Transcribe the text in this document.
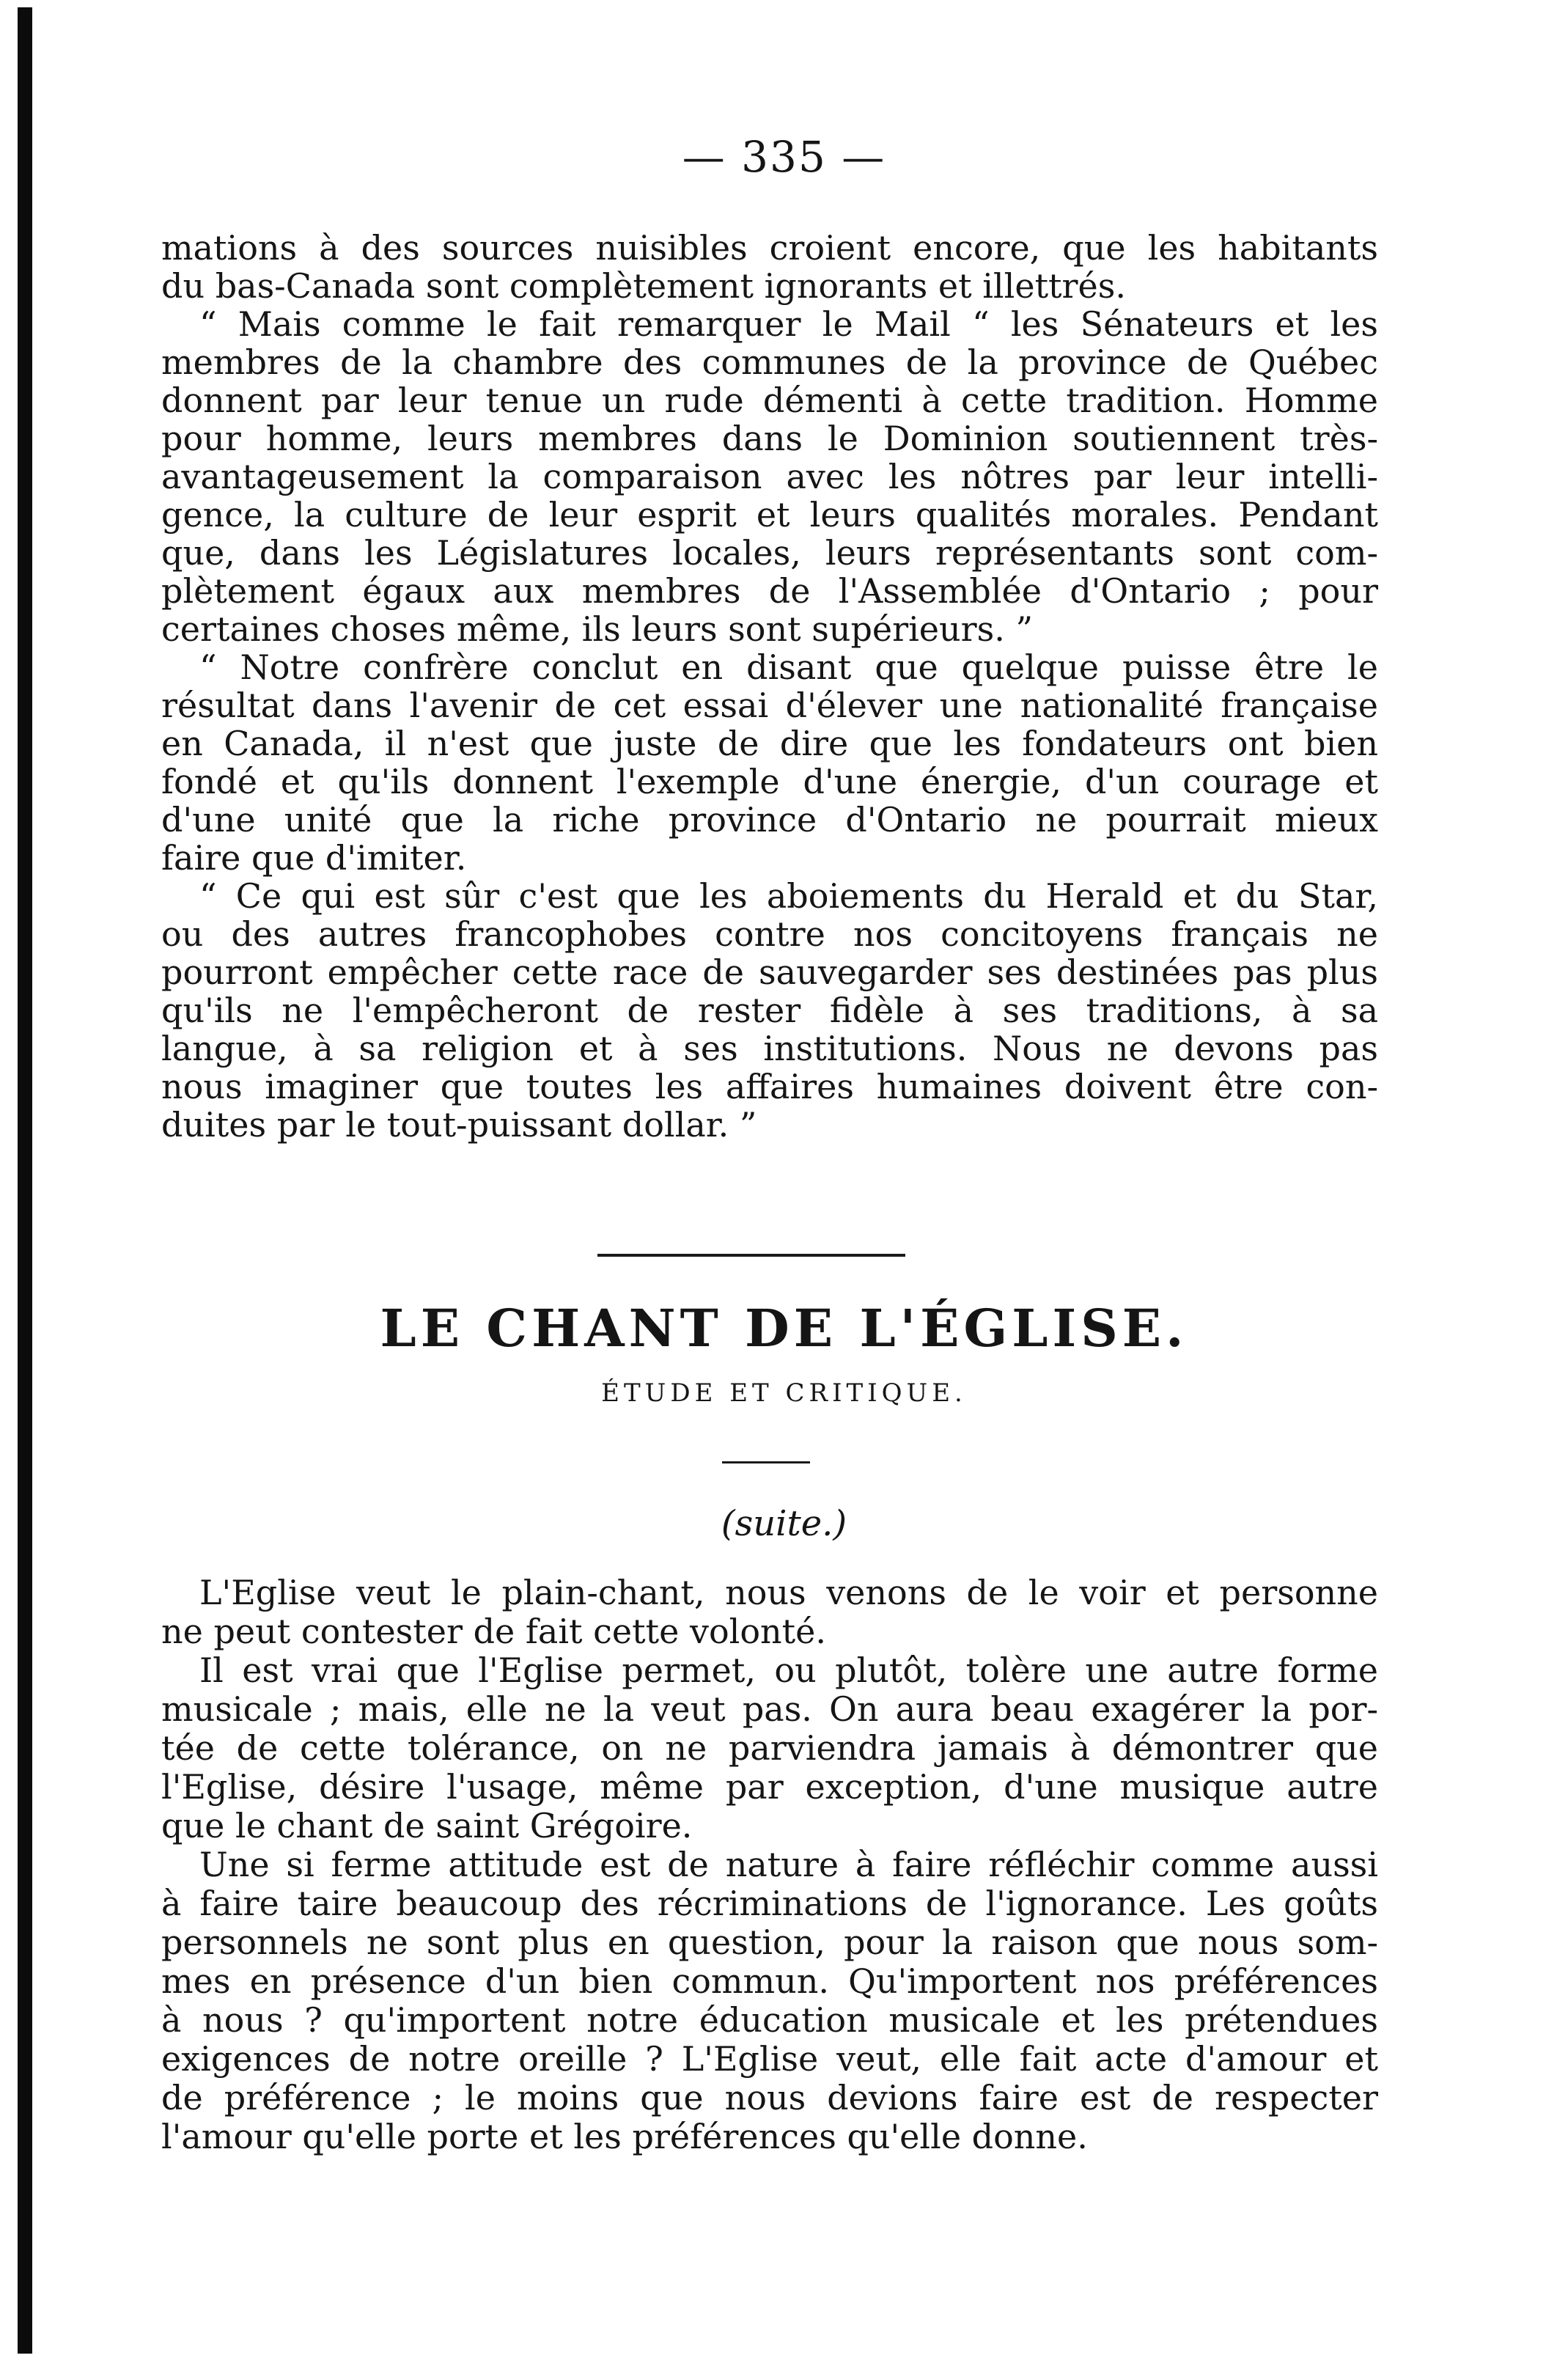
— 335 —
mations à des sources nuisibles croient encore, que les habitants
du bas-Canada sont complètement ignorants et illettrés.
“ Mais comme le fait remarquer le Mail “ les Sénateurs et les
membres de la chambre des communes de la province de Québec
donnent par leur tenue un rude démenti à cette tradition. Homme
pour homme, leurs membres dans le Dominion soutiennent très-
avantageusement la comparaison avec les nôtres par leur intelli-
gence, la culture de leur esprit et leurs qualités morales. Pendant
que, dans les Législatures locales, leurs représentants sont com-
plètement égaux aux membres de l'Assemblée d'Ontario ; pour
certaines choses même, ils leurs sont supérieurs. ”
“ Notre confrère conclut en disant que quelque puisse être le
résultat dans l'avenir de cet essai d'élever une nationalité française
en Canada, il n'est que juste de dire que les fondateurs ont bien
fondé et qu'ils donnent l'exemple d'une énergie, d'un courage et
d'une unité que la riche province d'Ontario ne pourrait mieux
faire que d'imiter.
“ Ce qui est sûr c'est que les aboiements du Herald et du Star,
ou des autres francophobes contre nos concitoyens français ne
pourront empêcher cette race de sauvegarder ses destinées pas plus
qu'ils ne l'empêcheront de rester fidèle à ses traditions, à sa
langue, à sa religion et à ses institutions. Nous ne devons pas
nous imaginer que toutes les affaires humaines doivent être con-
duites par le tout-puissant dollar. ”
LE CHANT DE L'ÉGLISE.
ÉTUDE ET CRITIQUE.
(suite.)
L'Eglise veut le plain-chant, nous venons de le voir et personne
ne peut contester de fait cette volonté.
Il est vrai que l'Eglise permet, ou plutôt, tolère une autre forme
musicale ; mais, elle ne la veut pas. On aura beau exagérer la por-
tée de cette tolérance, on ne parviendra jamais à démontrer que
l'Eglise, désire l'usage, même par exception, d'une musique autre
que le chant de saint Grégoire.
Une si ferme attitude est de nature à faire réfléchir comme aussi
à faire taire beaucoup des récriminations de l'ignorance. Les goûts
personnels ne sont plus en question, pour la raison que nous som-
mes en présence d'un bien commun. Qu'importent nos préférences
à nous ? qu'importent notre éducation musicale et les prétendues
exigences de notre oreille ? L'Eglise veut, elle fait acte d'amour et
de préférence ; le moins que nous devions faire est de respecter
l'amour qu'elle porte et les préférences qu'elle donne.
